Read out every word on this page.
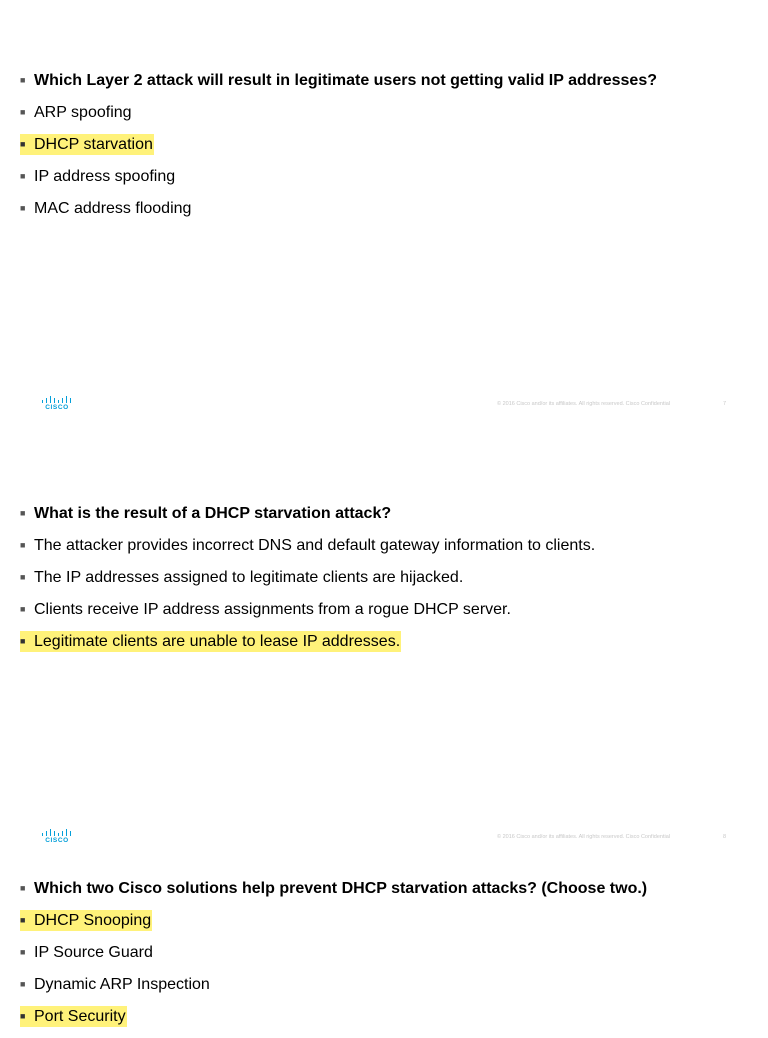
■ Which Layer 2 attack will result in legitimate users not getting valid IP addresses?
■ ARP spoofing
■ DHCP starvation
■ IP address spoofing
■ MAC address flooding
CISCO	© 2016 Cisco and/or its affiliates. All rights reserved. Cisco Confidential	7
■ What is the result of a DHCP starvation attack?
■ The attacker provides incorrect DNS and default gateway information to clients.
■ The IP addresses assigned to legitimate clients are hijacked.
■ Clients receive IP address assignments from a rogue DHCP server.
■ Legitimate clients are unable to lease IP addresses.
CISCO	© 2016 Cisco and/or its affiliates. All rights reserved. Cisco Confidential	8
■ Which two Cisco solutions help prevent DHCP starvation attacks? (Choose two.)
■ DHCP Snooping
■ IP Source Guard
■ Dynamic ARP Inspection
■ Port Security
